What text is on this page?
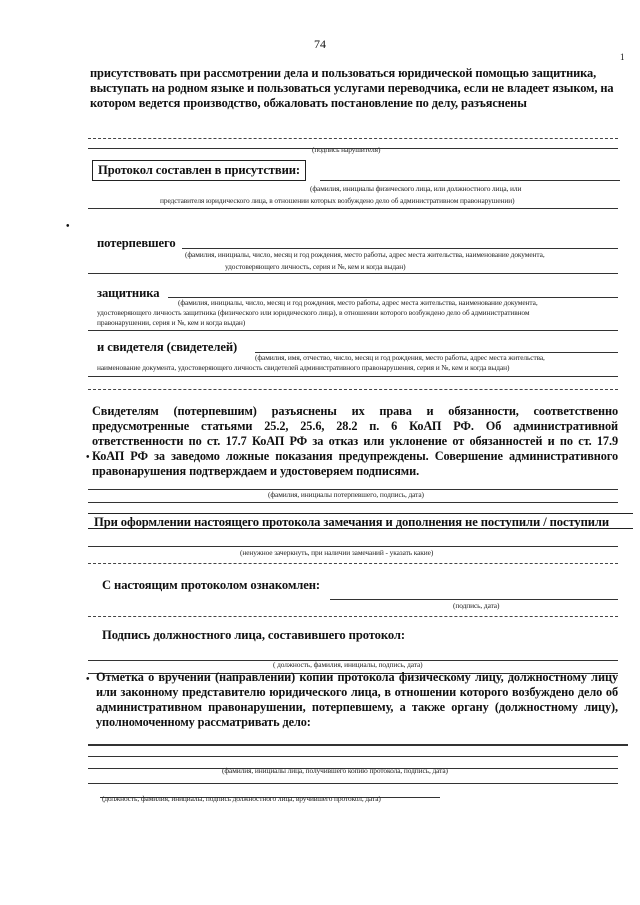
74
1
присутствовать при рассмотрении дела и пользоваться юридической помощью защитника, выступать на родном языке и пользоваться услугами переводчика, если не владеет языком, на котором ведется производство, обжаловать постановление по делу, разъяснены
(подпись нарушителя)
Протокол составлен в присутствии:
(фамилия, инициалы физического лица, или должностного лица, или
представителя юридического лица, в отношении которых возбуждено дело об административном правонарушении)
•
потерпевшего
(фамилия, инициалы, число, месяц и год рождения, место работы, адрес места жительства, наименование документа,
удостоверяющего личность, серия и №, кем и когда выдан)
защитника
(фамилия, инициалы, число, месяц и год рождения, место работы, адрес места жительства, наименование документа,
удостоверяющего личность защитника (физического или юридического лица), в отношении которого возбуждено дело об административном
правонарушении, серия и №, кем и когда выдан)
и свидетеля (свидетелей)
(фамилия, имя, отчество, число, месяц и год рождения, место работы, адрес места жительства,
наименование документа, удостоверяющего личность свидетелей административного правонарушения, серия и №, кем и когда выдан)
Свидетелям (потерпевшим) разъяснены их права и обязанности, соответственно предусмотренные статьями 25.2, 25.6, 28.2 п. 6 КоАП РФ. Об административной ответственности по ст. 17.7 КоАП РФ за отказ или уклонение от обязанностей и по ст. 17.9 КоАП РФ за заведомо ложные показания предупреждены. Совершение административного правонарушения подтверждаем и удостоверяем подписями.
•
(фамилия, инициалы потерпевшего, подпись, дата)
При оформлении настоящего протокола замечания и дополнения не поступили / поступили
(ненужное зачеркнуть, при наличии замечаний - указать какие)
С настоящим протоколом ознакомлен:
(подпись, дата)
Подпись должностного лица, составившего протокол:
( должность, фамилия, инициалы, подпись, дата)
• Отметка о вручении (направлении) копии протокола физическому лицу, должностному лицу или законному представителю юридического лица, в отношении которого возбуждено дело об административном правонарушении, потерпевшему, а также органу (должностному лицу), уполномоченному рассматривать дело:
(фамилия, инициалы лица, получившего копию протокола, подпись, дата)
(должность, фамилия, инициалы, подпись должностного лица, вручившего протокол, дата)
